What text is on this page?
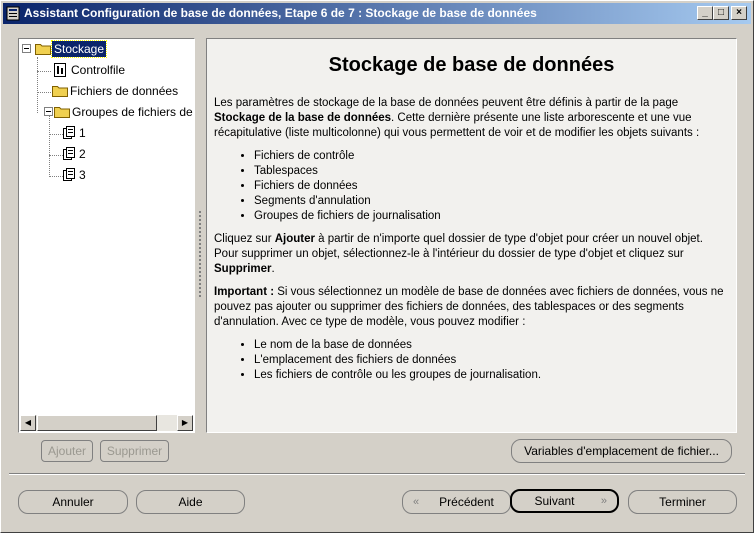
Assistant Configuration de base de données, Etape 6 de 7 : Stockage de base de données	_	□	×
Stockage
Controlfile
Fichiers de données
Groupes de fichiers de
1
2
3
◀	▶
Stockage de base de données

Les paramètres de stockage de la base de données peuvent être définis à partir de la page Stockage de la base de données. Cette dernière présente une liste arborescente et une vue récapitulative (liste multicolonne) qui vous permettent de voir et de modifier les objets suivants :

• Fichiers de contrôle
• Tablespaces
• Fichiers de données
• Segments d'annulation
• Groupes de fichiers de journalisation

Cliquez sur Ajouter à partir de n'importe quel dossier de type d'objet pour créer un nouvel objet. Pour supprimer un objet, sélectionnez-le à l'intérieur du dossier de type d'objet et cliquez sur Supprimer.

Important : Si vous sélectionnez un modèle de base de données avec fichiers de données, vous ne pouvez pas ajouter ou supprimer des fichiers de données, des tablespaces or des segments d'annulation. Avec ce type de modèle, vous pouvez modifier :

• Le nom de la base de données
• L'emplacement des fichiers de données
• Les fichiers de contrôle ou les groupes de journalisation.
Ajouter	Supprimer	Variables d'emplacement de fichier...
Annuler	Aide	« Précédent	Suivant »	Terminer
